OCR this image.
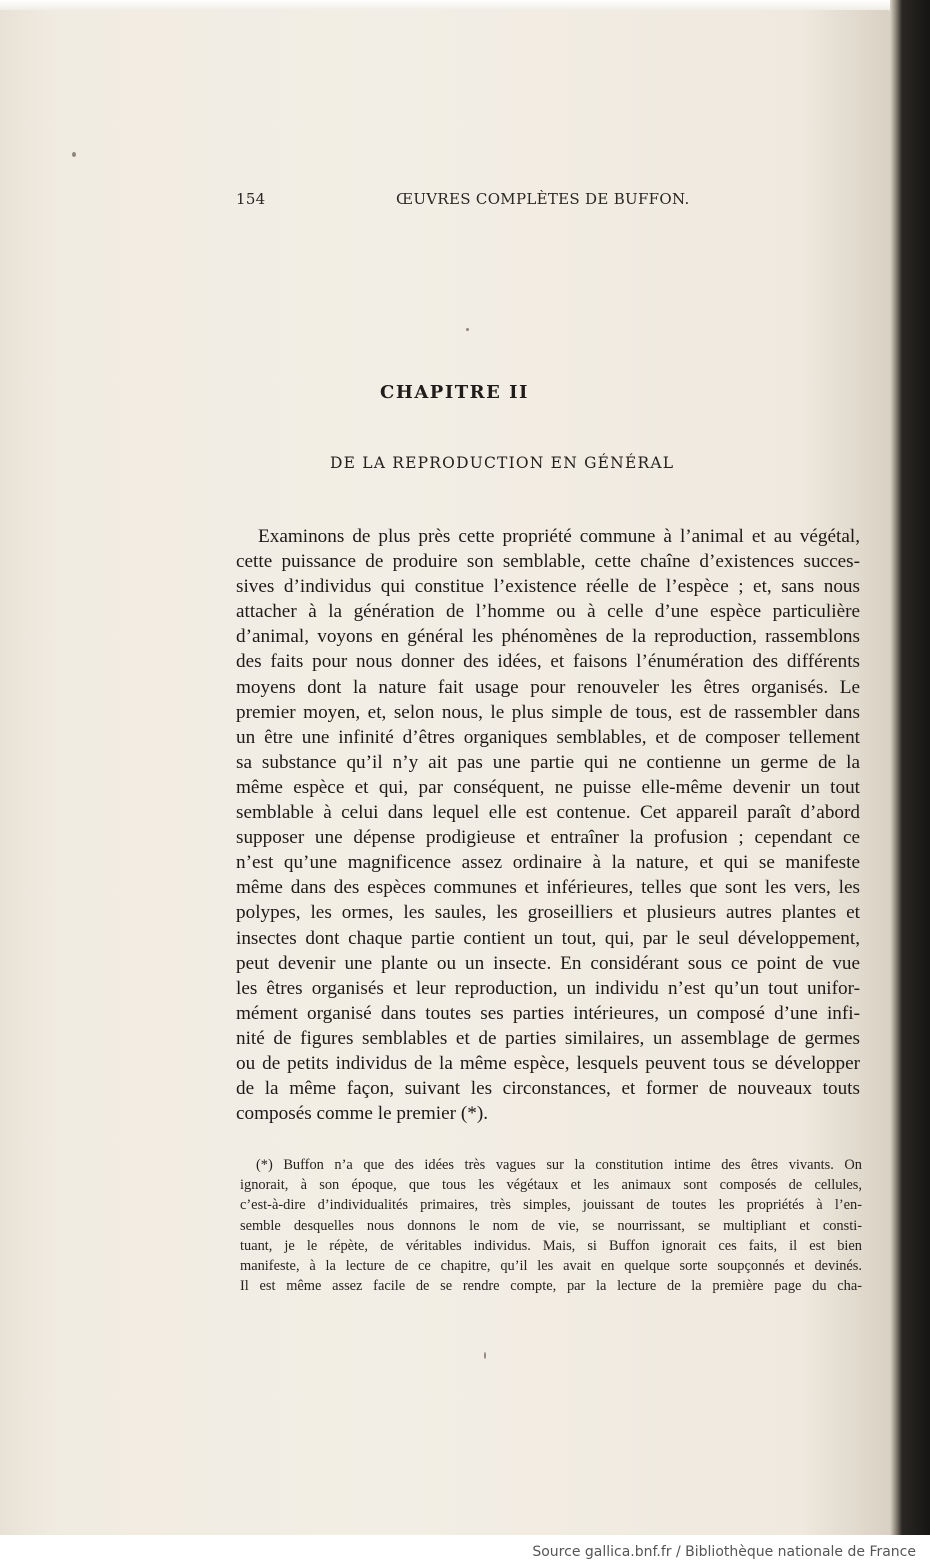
154	ŒUVRES COMPLÈTES DE BUFFON.
CHAPITRE II
DE LA REPRODUCTION EN GÉNÉRAL
Examinons de plus près cette propriété commune à l’animal et au végétal,
cette puissance de produire son semblable, cette chaîne d’existences succes-
sives d’individus qui constitue l’existence réelle de l’espèce ; et, sans nous
attacher à la génération de l’homme ou à celle d’une espèce particulière
d’animal, voyons en général les phénomènes de la reproduction, rassemblons
des faits pour nous donner des idées, et faisons l’énumération des différents
moyens dont la nature fait usage pour renouveler les êtres organisés. Le
premier moyen, et, selon nous, le plus simple de tous, est de rassembler dans
un être une infinité d’êtres organiques semblables, et de composer tellement
sa substance qu’il n’y ait pas une partie qui ne contienne un germe de la
même espèce et qui, par conséquent, ne puisse elle-même devenir un tout
semblable à celui dans lequel elle est contenue. Cet appareil paraît d’abord
supposer une dépense prodigieuse et entraîner la profusion ; cependant ce
n’est qu’une magnificence assez ordinaire à la nature, et qui se manifeste
même dans des espèces communes et inférieures, telles que sont les vers, les
polypes, les ormes, les saules, les groseilliers et plusieurs autres plantes et
insectes dont chaque partie contient un tout, qui, par le seul développement,
peut devenir une plante ou un insecte. En considérant sous ce point de vue
les êtres organisés et leur reproduction, un individu n’est qu’un tout unifor-
mément organisé dans toutes ses parties intérieures, un composé d’une infi-
nité de figures semblables et de parties similaires, un assemblage de germes
ou de petits individus de la même espèce, lesquels peuvent tous se développer
de la même façon, suivant les circonstances, et former de nouveaux touts
composés comme le premier (*).
(*) Buffon n’a que des idées très vagues sur la constitution intime des êtres vivants. On
ignorait, à son époque, que tous les végétaux et les animaux sont composés de cellules,
c’est-à-dire d’individualités primaires, très simples, jouissant de toutes les propriétés à l’en-
semble desquelles nous donnons le nom de vie, se nourrissant, se multipliant et consti-
tuant, je le répète, de véritables individus. Mais, si Buffon ignorait ces faits, il est bien
manifeste, à la lecture de ce chapitre, qu’il les avait en quelque sorte soupçonnés et devinés.
Il est même assez facile de se rendre compte, par la lecture de la première page du cha-
Source gallica.bnf.fr / Bibliothèque nationale de France
